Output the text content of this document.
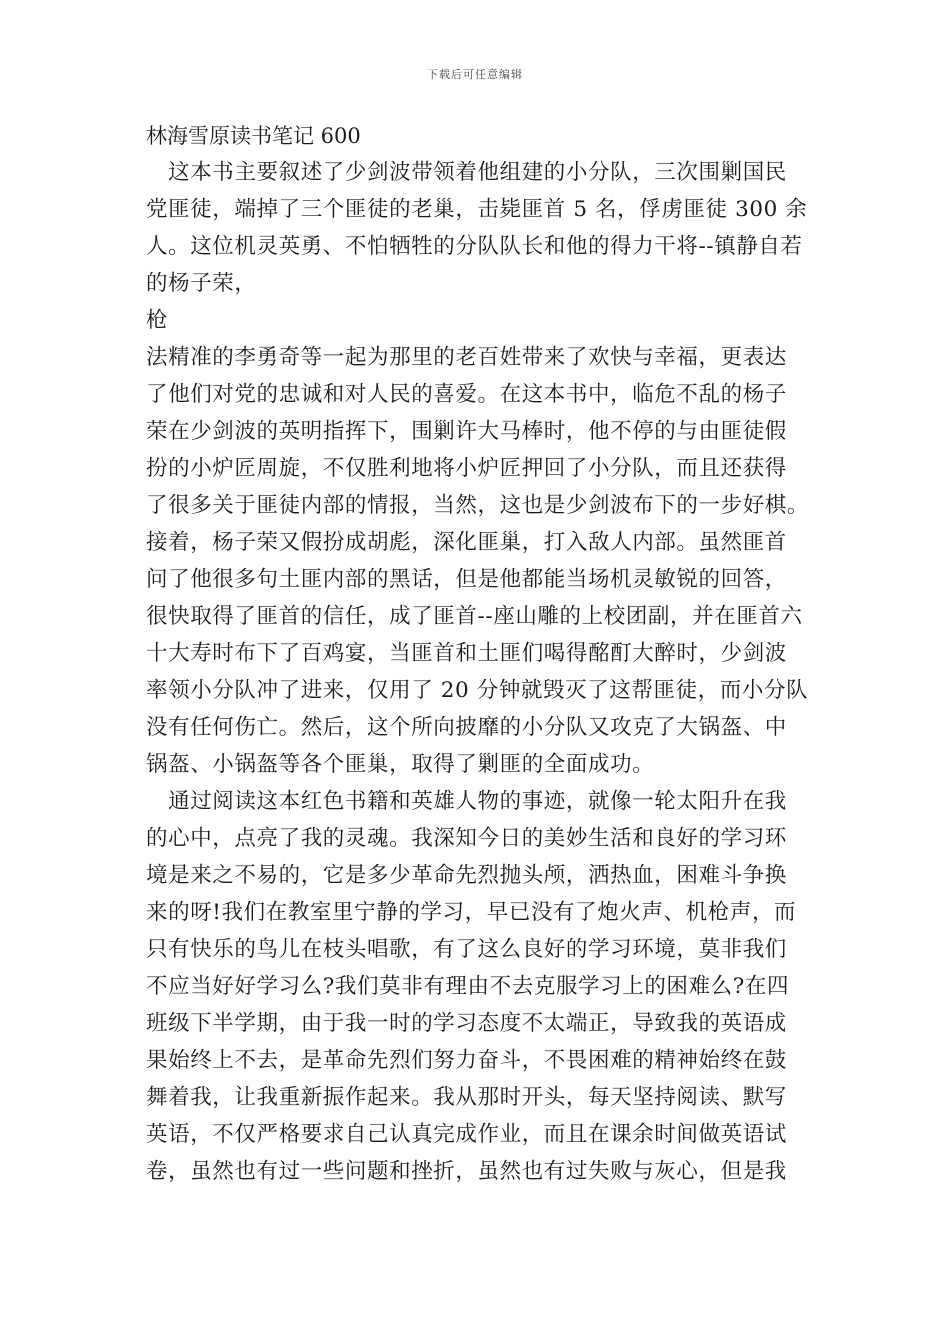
下载后可任意编辑
林海雪原读书笔记 600
　这本书主要叙述了少剑波带领着他组建的小分队，三次围剿国民
党匪徒，端掉了三个匪徒的老巢，击毙匪首 5 名，俘虏匪徒 300 余
人。这位机灵英勇、不怕牺牲的分队队长和他的得力干将--镇静自若
的杨子荣，
枪
法精准的李勇奇等一起为那里的老百姓带来了欢快与幸福，更表达
了他们对党的忠诚和对人民的喜爱。在这本书中，临危不乱的杨子
荣在少剑波的英明指挥下，围剿许大马棒时，他不停的与由匪徒假
扮的小炉匠周旋，不仅胜利地将小炉匠押回了小分队，而且还获得
了很多关于匪徒内部的情报，当然，这也是少剑波布下的一步好棋。
接着，杨子荣又假扮成胡彪，深化匪巢，打入敌人内部。虽然匪首
问了他很多句土匪内部的黑话，但是他都能当场机灵敏锐的回答，
很快取得了匪首的信任，成了匪首--座山雕的上校团副，并在匪首六
十大寿时布下了百鸡宴，当匪首和土匪们喝得酩酊大醉时，少剑波
率领小分队冲了进来，仅用了 20 分钟就毁灭了这帮匪徒，而小分队
没有任何伤亡。然后，这个所向披靡的小分队又攻克了大锅盔、中
锅盔、小锅盔等各个匪巢，取得了剿匪的全面成功。
　通过阅读这本红色书籍和英雄人物的事迹，就像一轮太阳升在我
的心中，点亮了我的灵魂。我深知今日的美妙生活和良好的学习环
境是来之不易的，它是多少革命先烈抛头颅，洒热血，困难斗争换
来的呀!我们在教室里宁静的学习，早已没有了炮火声、机枪声，而
只有快乐的鸟儿在枝头唱歌，有了这么良好的学习环境，莫非我们
不应当好好学习么?我们莫非有理由不去克服学习上的困难么?在四
班级下半学期，由于我一时的学习态度不太端正，导致我的英语成
果始终上不去，是革命先烈们努力奋斗，不畏困难的精神始终在鼓
舞着我，让我重新振作起来。我从那时开头，每天坚持阅读、默写
英语，不仅严格要求自己认真完成作业，而且在课余时间做英语试
卷，虽然也有过一些问题和挫折，虽然也有过失败与灰心，但是我
